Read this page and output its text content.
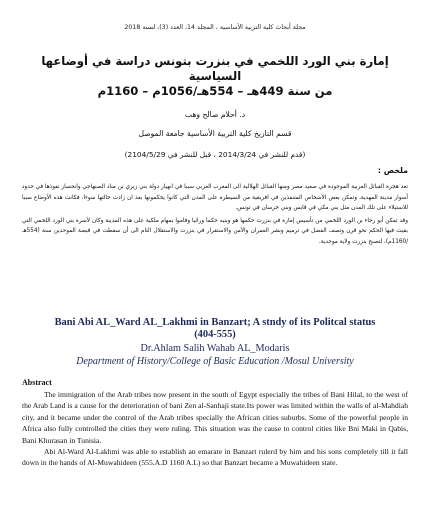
مجلة أبحاث كلية التربية الأساسية ، المجلد 14، العدد (3)، لسنة 2018
إمارة بني الورد اللخمي في بنزرت بتونس دراسة في أوضاعها السياسية
من سنة 449هـ – 554هـ/1056م – 1160م
د. أحلام صالح وهب
قسم التاريخ كلية التربية الأساسية جامعة الموصل
(قدم للنشر في 2014/3/24 ، قبل للنشر في 2104/5/29)
ملخص :

تعد هجرة القبائل العربية الموجودة في صعيد مصر ومنها القبائل الهلالية الى المغرب العربي سببا في انهيار دولة بني زيري بن مناد الصنهاجي وانحسار نفوذها في حدود أسوار مدينة المهدية، وتمكن بعض الأشخاص المتنفذين في افريقية من السيطرة على المدن التي كانوا يحكمونها بعد ان زادت حالتها سوءا، فكانت هذه الأوضاع سببا للاستيلاء على تلك المدن مثل بني مكي في قابس وبني خرسان في تونس.

وقد تمكن أبو رجاء بن الورد اللخمي من تأسيس إمارة في بنزرت حكمها هو وبنيه حكما وراثيا وقاموا بمهام ملكية على هذه المدينة وكان لأسرة بني الورد اللخمي التي بقيت فيها الحكم نحو قرن ونصف الفضل في ترميم ونشر العمران والأمن والاستقرار في بنزرت والاستقلال التام الى أن سقطت في قبضة الموحدين سنة (554هـ /1160م)، لتصبح بنزرت ولاية موحدية.

Bani Abi AL_Ward AL_Lakhmi in Banzart; A stndy of its Politcal status
(404-555)
Dr.Ahlam Salih Wahab AL_Modaris
Department of History/College of Basic Education /Mosul University
Abstract

The immigration of the Arab tribes now present in the south of Egypt especially the tribes of Bani Hilal, to the west of the Arab Land is a cause for the deterioration of bani Zen al-Sanhaji state.Its power was limited within the walls of al-Mahdiah city, and it became under the control of the Arab tribes specially the African cities suburbs. Some of the powerful people in Africa also fully controlled the cities they were ruling. This situation was the cause to control cities like Bni Maki in Qabis, Bani Khurasan in Tunisia.

Abi Al-Ward Al-Lakhmi was able to establish an emarate in Banzart rulerd by him and his sons completely till it fall down in the hands of Al-Muwahideen (555.A.D 1160 A.L) so that Banzart became a Muwahideen state.
